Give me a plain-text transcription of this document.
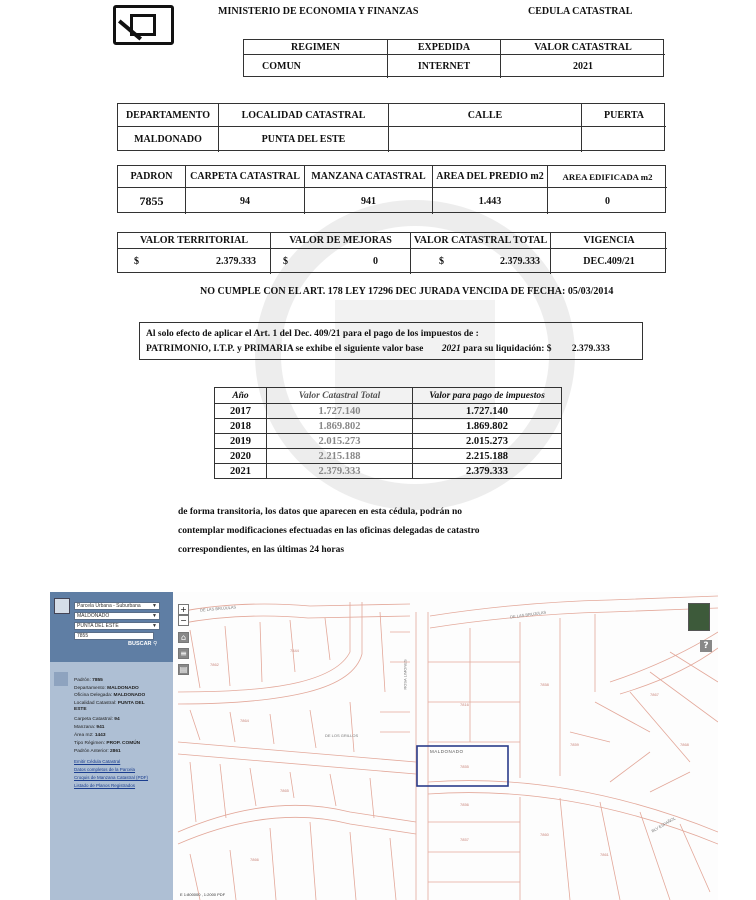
MINISTERIO DE ECONOMIA Y FINANZAS	CEDULA CATASTRAL
REGIMEN	EXPEDIDA	VALOR CATASTRAL
COMUN	INTERNET	2021
DEPARTAMENTO	LOCALIDAD CATASTRAL	CALLE	PUERTA
MALDONADO	PUNTA DEL ESTE
PADRON	CARPETA CATASTRAL	MANZANA CATASTRAL	AREA DEL PREDIO m2	AREA EDIFICADA m2
7855	94	941	1.443	0
VALOR TERRITORIAL	VALOR DE MEJORAS	VALOR CATASTRAL TOTAL	VIGENCIA
$	2.379.333	$	0	$	2.379.333	DEC.409/21
NO CUMPLE CON EL ART. 178 LEY 17296 DEC JURADA VENCIDA DE FECHA: 05/03/2014
Al solo efecto de aplicar el Art. 1 del Dec. 409/21 para el pago de los impuestos de :
PATRIMONIO, I.T.P. y PRIMARIA se exhibe el siguiente valor base 2021 para su liquidación: $ 2.379.333
Año	Valor Catastral Total	Valor para pago de impuestos
2017	1.727.140	1.727.140
2018	1.869.802	1.869.802
2019	2.015.273	2.015.273
2020	2.215.188	2.215.188
2021	2.379.333	2.379.333
de forma transitoria, los datos que aparecen en esta cédula, podrán no
contemplar modificaciones efectuadas en las oficinas delegadas de catastro
correspondientes, en las últimas 24 horas
MALDONADO
DE LAS BRUJULAS
DE LAS BRUJULAS
ROSA LIMONES
DE LOS GRILLOS
BLV ESPAÑOL
7844
7816
7855
7856
7857
7858
7859
7860
7861
7862
7864
7865
7866
7867
7868
E 1:800000 , 1:2000 PDF
+
−
⌂
≡
▤
?
Parcela Urbana - Suburbana ▼
MALDONADO	▼
PUNTA DEL ESTE	▼
7855
BUSCAR ⚲
Padrón: 7855
Departamento: MALDONADO
Oficina Delegada: MALDONADO
Localidad Catastral: PUNTA DEL
ESTE
Carpeta Catastral: 94
Manzana: 941
Área m2: 1443
Tipo Régimen: PROP. COMÚN
Padrón Anterior: 2861
Emitir Cédula Catastral
Datos completos de la Parcela
Croquis de Manzana Catastral (PDF)
Listado de Planos Registrados
